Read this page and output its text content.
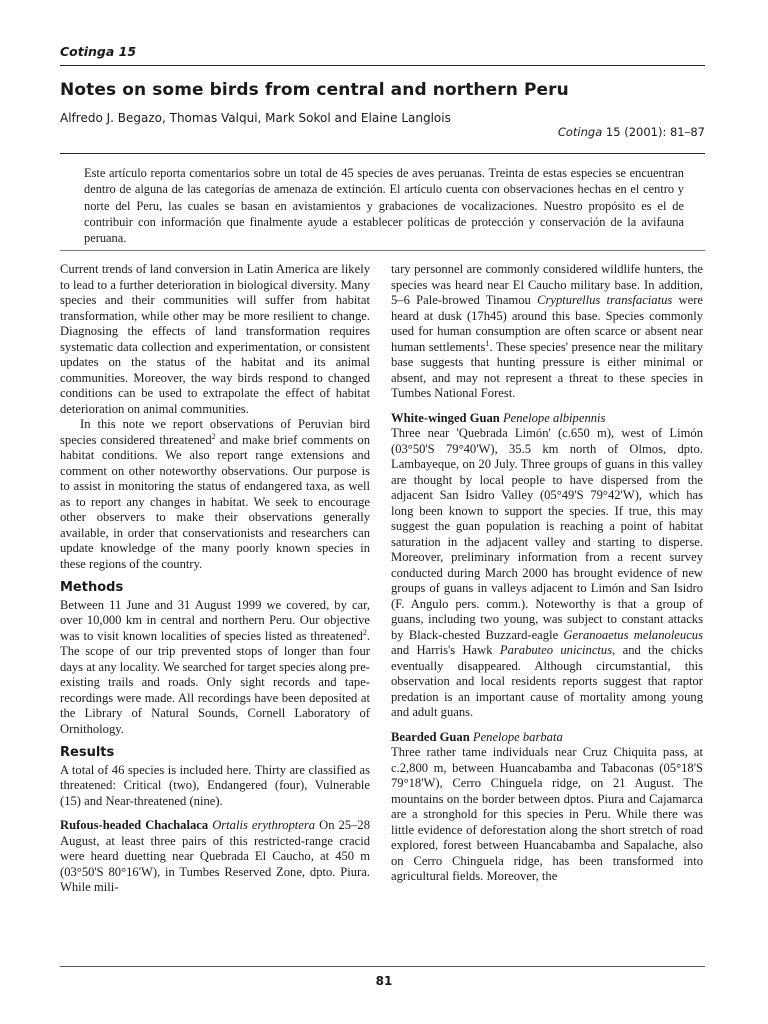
Cotinga 15
Notes on some birds from central and northern Peru
Alfredo J. Begazo, Thomas Valqui, Mark Sokol and Elaine Langlois
Cotinga 15 (2001): 81–87

Este artículo reporta comentarios sobre un total de 45 species de aves peruanas. Treinta de estas especies se encuentran dentro de alguna de las categorías de amenaza de extinción. El artículo cuenta con observaciones hechas en el centro y norte del Peru, las cuales se basan en avistamientos y grabaciones de vocalizaciones. Nuestro propósito es el de contribuir con información que finalmente ayude a establecer políticas de protección y conservación de la avifauna peruana.

Current trends of land conversion in Latin America are likely to lead to a further deterioration in biological diversity. Many species and their communities will suffer from habitat transformation, while other may be more resilient to change. Diagnosing the effects of land transformation requires systematic data collection and experimentation, or consistent updates on the status of the habitat and its animal communities. Moreover, the way birds respond to changed conditions can be used to extrapolate the effect of habitat deterioration on animal communities.

In this note we report observations of Peruvian bird species considered threatened$^2$ and make brief comments on habitat conditions. We also report range extensions and comment on other noteworthy observations. Our purpose is to assist in monitoring the status of endangered taxa, as well as to report any changes in habitat. We seek to encourage other observers to make their observations generally available, in order that conservationists and researchers can update knowledge of the many poorly known species in these regions of the country.

Methods

Between 11 June and 31 August 1999 we covered, by car, over 10,000 km in central and northern Peru. Our objective was to visit known localities of species listed as threatened$^2$. The scope of our trip prevented stops of longer than four days at any locality. We searched for target species along pre-existing trails and roads. Only sight records and tape-recordings were made. All recordings have been deposited at the Library of Natural Sounds, Cornell Laboratory of Ornithology.

Results

A total of 46 species is included here. Thirty are classified as threatened: Critical (two), Endangered (four), Vulnerable (15) and Near-threatened (nine).

Rufous-headed Chachalaca Ortalis erythroptera On 25–28 August, at least three pairs of this restricted-range cracid were heard duetting near Quebrada El Caucho, at 450 m (03°50'S 80°16'W), in Tumbes Reserved Zone, dpto. Piura. While mili-

tary personnel are commonly considered wildlife hunters, the species was heard near El Caucho military base. In addition, 5–6 Pale-browed Tinamou Crypturellus transfaciatus were heard at dusk (17h45) around this base. Species commonly used for human consumption are often scarce or absent near human settlements$^1$. These species' presence near the military base suggests that hunting pressure is either minimal or absent, and may not represent a threat to these species in Tumbes National Forest.

White-winged Guan Penelope albipennis
Three near 'Quebrada Limón' (c.650 m), west of Limón (03°50'S 79°40'W), 35.5 km north of Olmos, dpto. Lambayeque, on 20 July. Three groups of guans in this valley are thought by local people to have dispersed from the adjacent San Isidro Valley (05°49'S 79°42'W), which has long been known to support the species. If true, this may suggest the guan population is reaching a point of habitat saturation in the adjacent valley and starting to disperse. Moreover, preliminary information from a recent survey conducted during March 2000 has brought evidence of new groups of guans in valleys adjacent to Limón and San Isidro (F. Angulo pers. comm.). Noteworthy is that a group of guans, including two young, was subject to constant attacks by Black-chested Buzzard-eagle Geranoaetus melanoleucus and Harris's Hawk Parabuteo unicinctus, and the chicks eventually disappeared. Although circumstantial, this observation and local residents reports suggest that raptor predation is an important cause of mortality among young and adult guans.

Bearded Guan Penelope barbata
Three rather tame individuals near Cruz Chiquita pass, at c.2,800 m, between Huancabamba and Tabaconas (05°18'S 79°18'W), Cerro Chinguela ridge, on 21 August. The mountains on the border between dptos. Piura and Cajamarca are a stronghold for this species in Peru. While there was little evidence of deforestation along the short stretch of road explored, forest between Huancabamba and Sapalache, also on Cerro Chinguela ridge, has been transformed into agricultural fields. Moreover, the

81
